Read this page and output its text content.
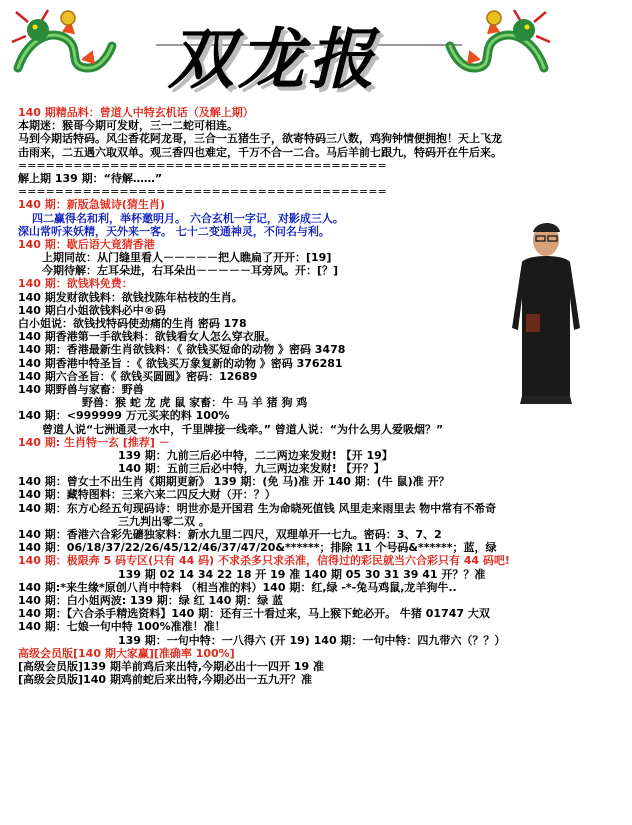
双龙报
140 期精品料：曾道人中特玄机话（及解上期）
本期迷：猴哥今期可发财，三一二蛇可相连。
马到今期话特码。风尘香花阿龙哥，三合一五猪生子，欲寄特码三八数，鸡狗钟情便拥抱！天上飞龙
击雨来，二五遇六取双单。观三香四也难定，千万不合一二合。马后羊前七跟九，特码开在牛后来。
========================================
解上期 139 期：“待解……”
========================================
140 期：新版急铖诗(猜生肖)
四二赢得名和利，举杯邀明月。 六合玄机一字记，对影成三人。
深山常听来妖精，天外来一客。 七十二变通神灵，不问名与利。
140 期：歇后语大竟猜香港
上期同故：从门缝里看人－－－－－把人瞧扁了开开：[19]
今期待解：左耳朵进，右耳朵出－－－－－耳旁风。开：[？]
140 期：欲钱料免费：
140 期发财欲钱料：欲钱找陈年枯枝的生肖。
140 期白小姐欲钱料必中®码
白小姐说：欲钱找特码使劲痛的生肖 密码 178
140 期香港第一手欲钱料：欲钱看女人怎么穿衣服。
140 期：香港最新生肖欲钱料：《 欲钱买短命的动物 》密码 3478
140 期香港中特圣旨 ：《 欲钱买万象复新的动物 》密码 376281
140 期六合圣旨：《 欲钱买圆圆》密码：12689
140 期野兽与家畜：野兽
野兽：猴 蛇 龙 虎 鼠 家畜：牛 马 羊 猪 狗 鸡
140 期：<999999 万元买来的料 100%
曾道人说“七洲通灵一水中，千里牌接一线牵。” 曾道人说：“为什么男人爱吸烟？”
140 期: 生肖特一玄 [推荐] －
139 期：九前三后必中特，二二两边来发财! 【开 19】
140 期：五前三后必中特，九三两边来发财! 【开？】
140 期：曾女士不出生肖《期期更新》 139 期：(免 马)准 开 140 期：(牛 鼠)准 开？
140 期：藏特图料：三来六来二四反大财（开：？）
140 期：东方心经五句现码诗：明世亦是开国君 生为命晓死值钱 风里走来雨里去 物中常有不希奇
三九判出零二双 。
140 期：香港六合彩先礳独家料：新水九里二四尺，双理单开一七九。密码：3、7、2
140 期：06/18/37/22/26/45/12/46/37/47/20&******；排除 11 个号码&******；蓝，绿
140 期：极限奔 5 码专区(只有 44 码) 不求杀多只求杀准，信得过的彩民就当六合彩只有 44 码吧!
139 期 02 14 34 22 18 开 19 准 140 期 05 30 31 39 41 开？？准
140 期:*来生缘*原创八肖中特料 （相当准的料）140 期：红,绿 -*-兔马鸡鼠,龙羊狗牛..
140 期：白小姐两波: 139 期：绿 红 140 期：绿 蓝
140 期：【六合杀手精选资料】140 期：还有三十看过来，马上猴下蛇必开。 牛猪 01747 大双
140 期：七娘一句中特 100%准准！准！
139 期：一句中特：一八得六 (开 19) 140 期：一句中特：四九带六（？？）
高级会员版[140 期大家赢][准确率 100%]
[高级会员版]139 期羊前鸡后来出特,今期必出十一四开 19 准
[高级会员版]140 期鸡前蛇后来出特,今期必出一五九开？准
